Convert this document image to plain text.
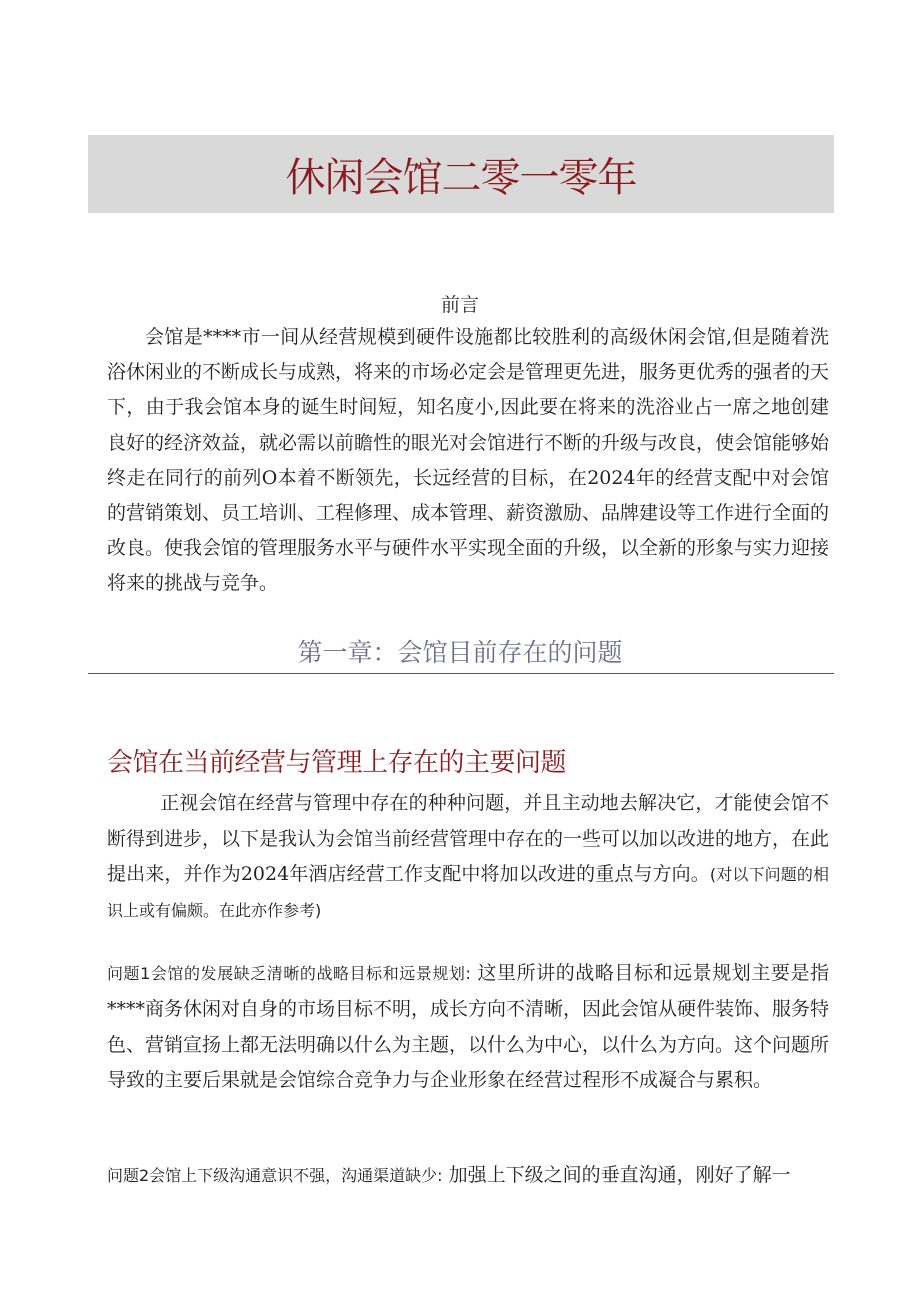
休闲会馆二零一零年
前言

会馆是****市一间从经营规模到硬件设施都比较胜利的高级休闲会馆,但是随着洗浴休闲业的不断成长与成熟，将来的市场必定会是管理更先进，服务更优秀的强者的天下，由于我会馆本身的诞生时间短，知名度小,因此要在将来的洗浴业占一席之地创建良好的经济效益，就必需以前瞻性的眼光对会馆进行不断的升级与改良，使会馆能够始终走在同行的前列O本着不断领先，长远经营的目标，在2024年的经营支配中对会馆的营销策划、员工培训、工程修理、成本管理、薪资激励、品牌建设等工作进行全面的改良。使我会馆的管理服务水平与硬件水平实现全面的升级，以全新的形象与实力迎接将来的挑战与竞争。

第一章：会馆目前存在的问题
会馆在当前经营与管理上存在的主要问题

正视会馆在经营与管理中存在的种种问题，并且主动地去解决它，才能使会馆不断得到进步，以下是我认为会馆当前经营管理中存在的一些可以加以改进的地方，在此提出来，并作为2024年酒店经营工作支配中将加以改进的重点与方向。(对以下问题的相识上或有偏颇。在此亦作参考)

问题1会馆的发展缺乏清晰的战略目标和远景规划: 这里所讲的战略目标和远景规划主要是指****商务休闲对自身的市场目标不明，成长方向不清晰，因此会馆从硬件装饰、服务特色、营销宣扬上都无法明确以什么为主题，以什么为中心，以什么为方向。这个问题所导致的主要后果就是会馆综合竞争力与企业形象在经营过程形不成凝合与累积。

问题2会馆上下级沟通意识不强，沟通渠道缺少: 加强上下级之间的垂直沟通，刚好了解一
